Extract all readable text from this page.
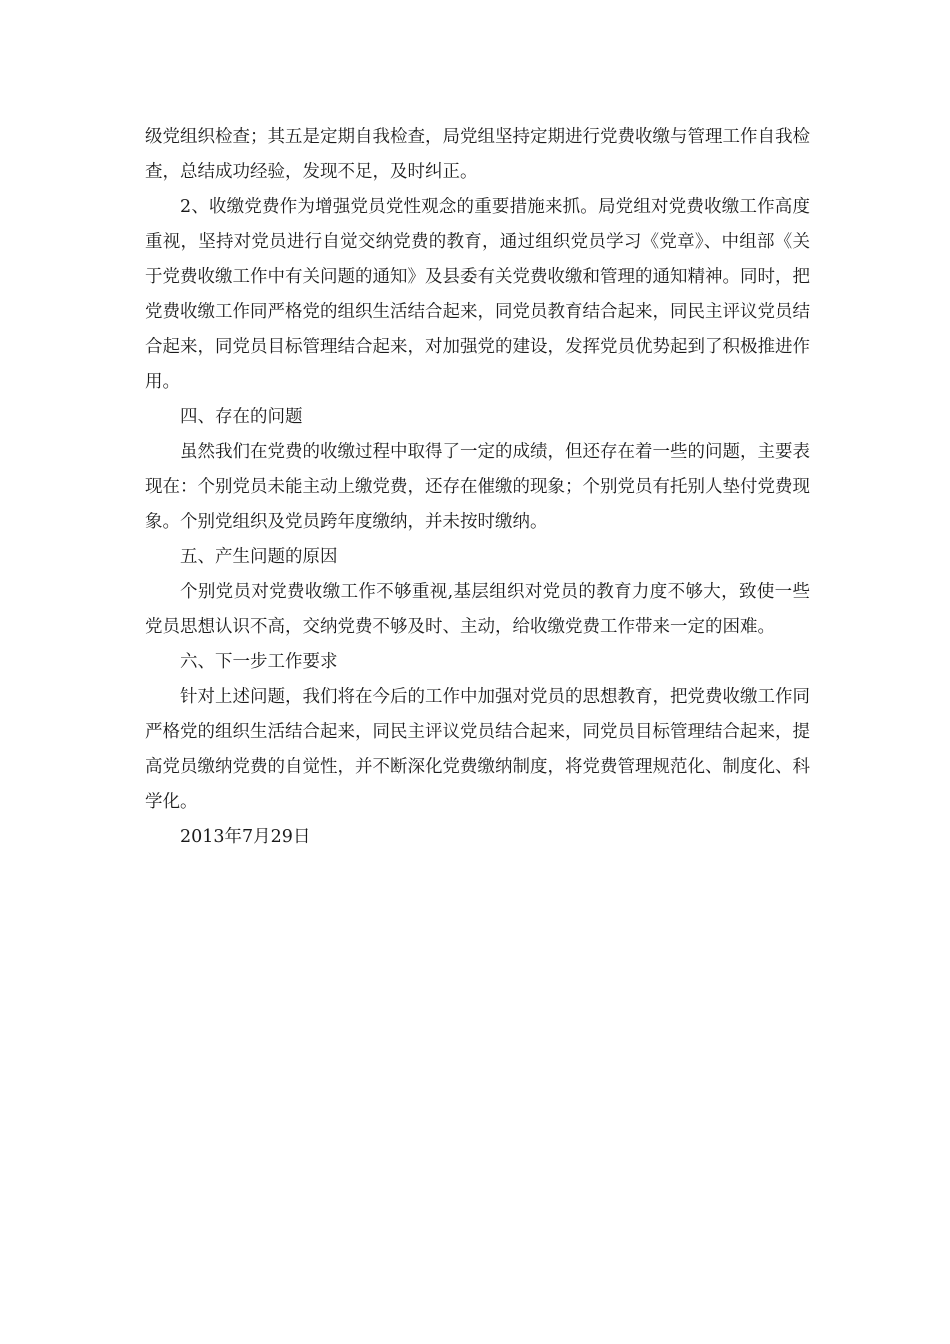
级党组织检查；其五是定期自我检查，局党组坚持定期进行党费收缴与管理工作自我检查，总结成功经验，发现不足，及时纠正。

2、收缴党费作为增强党员党性观念的重要措施来抓。局党组对党费收缴工作高度重视，坚持对党员进行自觉交纳党费的教育，通过组织党员学习《党章》、中组部《关于党费收缴工作中有关问题的通知》及县委有关党费收缴和管理的通知精神。同时，把党费收缴工作同严格党的组织生活结合起来，同党员教育结合起来，同民主评议党员结合起来，同党员目标管理结合起来，对加强党的建设，发挥党员优势起到了积极推进作用。

四、存在的问题

虽然我们在党费的收缴过程中取得了一定的成绩，但还存在着一些的问题，主要表现在：个别党员未能主动上缴党费，还存在催缴的现象；个别党员有托别人垫付党费现象。个别党组织及党员跨年度缴纳，并未按时缴纳。

五、产生问题的原因

个别党员对党费收缴工作不够重视,基层组织对党员的教育力度不够大，致使一些党员思想认识不高，交纳党费不够及时、主动，给收缴党费工作带来一定的困难。

六、下一步工作要求

针对上述问题，我们将在今后的工作中加强对党员的思想教育，把党费收缴工作同严格党的组织生活结合起来，同民主评议党员结合起来，同党员目标管理结合起来，提高党员缴纳党费的自觉性，并不断深化党费缴纳制度，将党费管理规范化、制度化、科学化。

2013年7月29日
